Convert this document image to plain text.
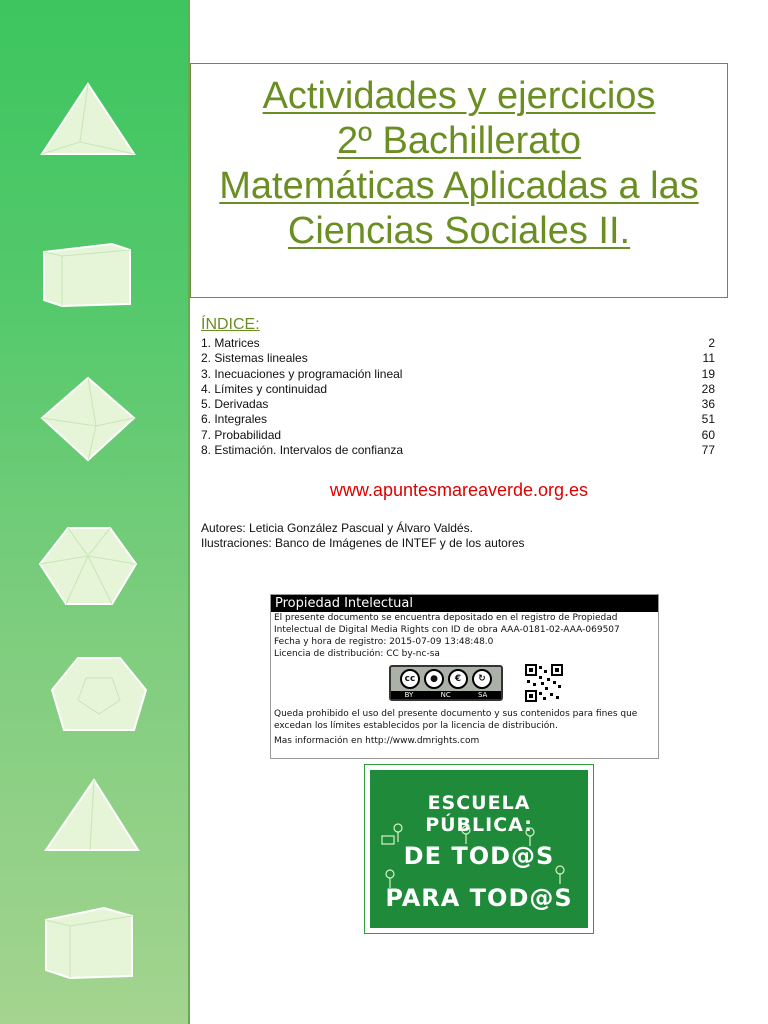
Actividades y ejercicios
2º Bachillerato
Matemáticas Aplicadas a las
Ciencias Sociales II.
ÍNDICE:
1. Matrices	2
2. Sistemas lineales	11
3. Inecuaciones y programación lineal	19
4. Límites y continuidad	28
5. Derivadas	36
6. Integrales	51
7. Probabilidad	60
8. Estimación. Intervalos de confianza	77
www.apuntesmareaverde.org.es
Autores: Leticia González Pascual y Álvaro Valdés.
Ilustraciones: Banco de Imágenes de INTEF y de los autores
Propiedad Intelectual
El presente documento se encuentra depositado en el registro de Propiedad
Intelectual de Digital Media Rights con ID de obra AAA-0181-02-AAA-069507
Fecha y hora de registro: 2015-07-09 13:48:48.0
Licencia de distribución: CC by-nc-sa
cc	●	€	↻
BY	NC	SA
Queda prohibido el uso del presente documento y sus contenidos para fines que
excedan los límites establecidos por la licencia de distribución.
Mas información en http://www.dmrights.com
ESCUELA PÚBLICA:
DE TOD@S
PARA TOD@S
